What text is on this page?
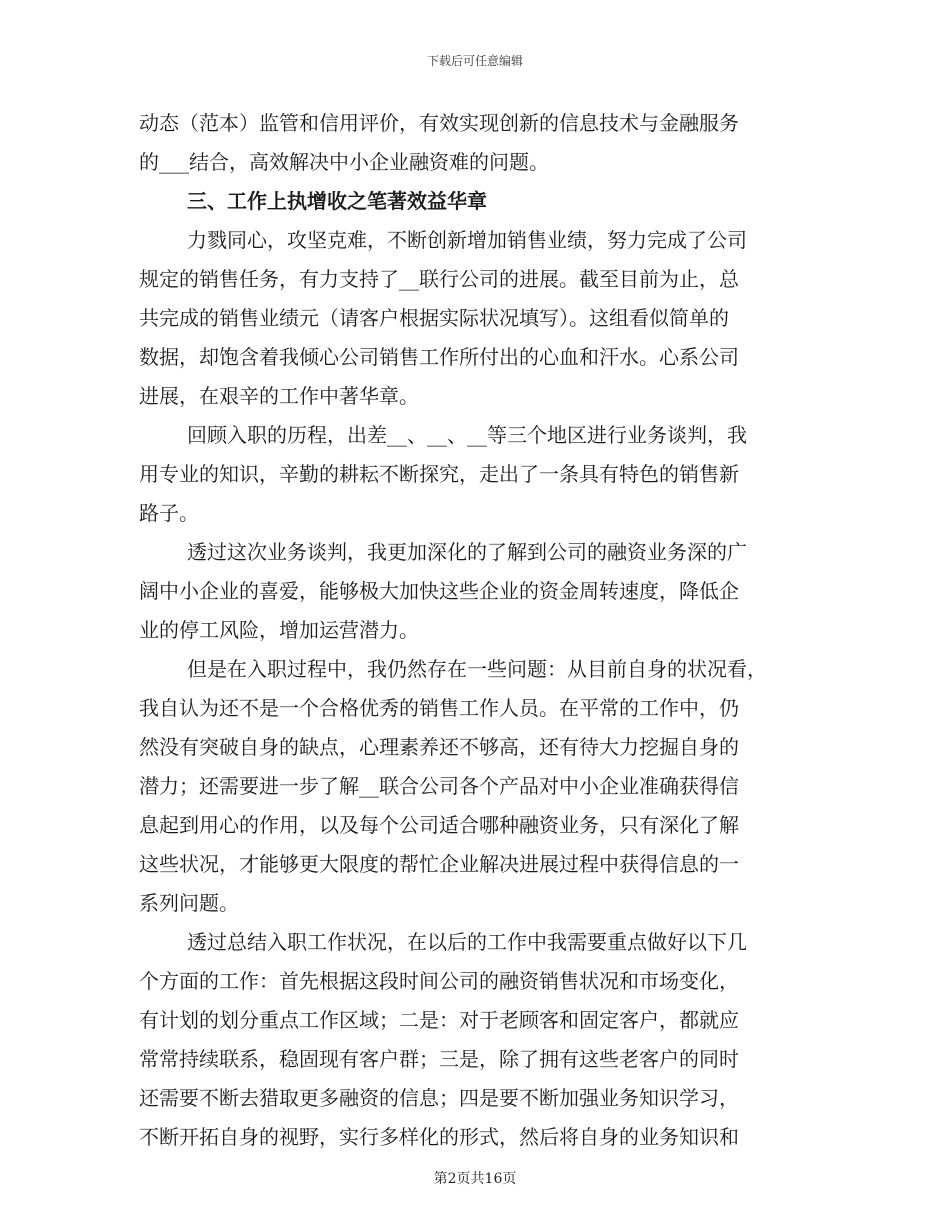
下载后可任意编辑
动态（范本）监管和信用评价，有效实现创新的信息技术与金融服务
的___结合，高效解决中小企业融资难的问题。
三、工作上执增收之笔著效益华章
力戮同心，攻坚克难，不断创新增加销售业绩，努力完成了公司
规定的销售任务，有力支持了__联行公司的进展。截至目前为止，总
共完成的销售业绩元（请客户根据实际状况填写）。这组看似简单的
数据，却饱含着我倾心公司销售工作所付出的心血和汗水。心系公司
进展，在艰辛的工作中著华章。
回顾入职的历程，出差__、__、__等三个地区进行业务谈判，我
用专业的知识，辛勤的耕耘不断探究，走出了一条具有特色的销售新
路子。
透过这次业务谈判，我更加深化的了解到公司的融资业务深的广
阔中小企业的喜爱，能够极大加快这些企业的资金周转速度，降低企
业的停工风险，增加运营潜力。
但是在入职过程中，我仍然存在一些问题：从目前自身的状况看，
我自认为还不是一个合格优秀的销售工作人员。在平常的工作中，仍
然没有突破自身的缺点，心理素养还不够高，还有待大力挖掘自身的
潜力；还需要进一步了解__联合公司各个产品对中小企业准确获得信
息起到用心的作用，以及每个公司适合哪种融资业务，只有深化了解
这些状况，才能够更大限度的帮忙企业解决进展过程中获得信息的一
系列问题。
透过总结入职工作状况，在以后的工作中我需要重点做好以下几
个方面的工作：首先根据这段时间公司的融资销售状况和市场变化，
有计划的划分重点工作区域；二是：对于老顾客和固定客户，都就应
常常持续联系，稳固现有客户群；三是，除了拥有这些老客户的同时
还需要不断去猎取更多融资的信息；四是要不断加强业务知识学习，
不断开拓自身的视野，实行多样化的形式，然后将自身的业务知识和
第2页共16页
